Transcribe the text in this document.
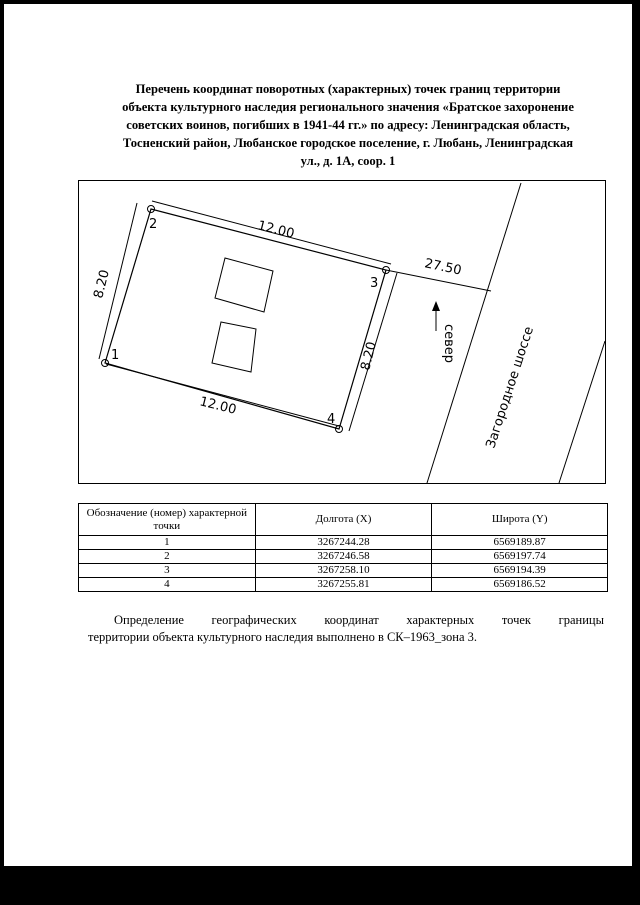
Перечень координат поворотных (характерных) точек границ территории
объекта культурного наследия регионального значения «Братское захоронение
советских воинов, погибших в 1941-44 гг.» по адресу: Ленинградская область,
Тосненский район, Любанское городское поселение, г. Любань, Ленинградская
ул., д. 1А, соор. 1
12.00
12.00
8.20
8.20
27.50
1
2
3
4
север Загородное шоссе
Обозначение (номер) характерной точки	Долгота (X)	Широта (Y)
1	3267244.28	6569189.87
2	3267246.58	6569197.74
3	3267258.10	6569194.39
4	3267255.81	6569186.52
Определение географических координат характерных точек границы
территории объекта культурного наследия выполнено в СК–1963_зона 3.
